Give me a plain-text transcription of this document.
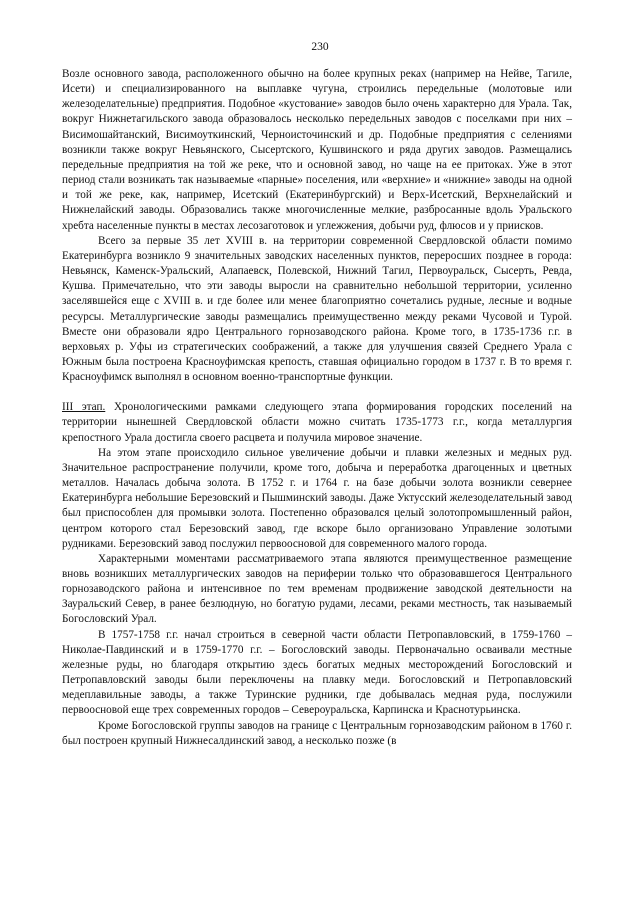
230

Возле основного завода, расположенного обычно на более крупных реках (например на Нейве, Тагиле, Исети) и специализированного на выплавке чугуна, строились передельные (молотовые или железоделательные) предприятия. Подобное «кустование» заводов было очень характерно для Урала. Так, вокруг Нижнетагильского завода образовалось несколько передельных заводов с поселками при них – Висимошайтанский, Висимоуткинский, Черноисточинский и др. Подобные предприятия с селениями возникли также вокруг Невьянского, Сысертского, Кушвинского и ряда других заводов. Размещались передельные предприятия на той же реке, что и основной завод, но чаще на ее притоках. Уже в этот период стали возникать так называемые «парные» поселения, или «верхние» и «нижние» заводы на одной и той же реке, как, например, Исетский (Екатеринбургский) и Верх-Исетский, Верхнелайский и Нижнелайский заводы. Образовались также многочисленные мелкие, разбросанные вдоль Уральского хребта населенные пункты в местах лесозаготовок и углежжения, добычи руд, флюсов и у приисков.

Всего за первые 35 лет XVIII в. на территории современной Свердловской области помимо Екатеринбурга возникло 9 значительных заводских населенных пунктов, переросших позднее в города: Невьянск, Каменск-Уральский, Алапаевск, Полевской, Нижний Тагил, Первоуральск, Сысерть, Ревда, Кушва. Примечательно, что эти заводы выросли на сравнительно небольшой территории, усиленно заселявшейся еще с XVIII в. и где более или менее благоприятно сочетались рудные, лесные и водные ресурсы. Металлургические заводы размещались преимущественно между реками Чусовой и Турой. Вместе они образовали ядро Центрального горнозаводского района. Кроме того, в 1735-1736 г.г. в верховьях р. Уфы из стратегических соображений, а также для улучшения связей Среднего Урала с Южным была построена Красноуфимская крепость, ставшая официально городом в 1737 г. В то время г. Красноуфимск выполнял в основном военно-транспортные функции.

III этап. Хронологическими рамками следующего этапа формирования городских поселений на территории нынешней Свердловской области можно считать 1735-1773 г.г., когда металлургия крепостного Урала достигла своего расцвета и получила мировое значение.

На этом этапе происходило сильное увеличение добычи и плавки железных и медных руд. Значительное распространение получили, кроме того, добыча и переработка драгоценных и цветных металлов. Началась добыча золота. В 1752 г. и 1764 г. на базе добычи золота возникли севернее Екатеринбурга небольшие Березовский и Пышминский заводы. Даже Уктусский железоделательный завод был приспособлен для промывки золота. Постепенно образовался целый золотопромышленный район, центром которого стал Березовский завод, где вскоре было организовано Управление золотыми рудниками. Березовский завод послужил первоосновой для современного малого города.

Характерными моментами рассматриваемого этапа являются преимущественное размещение вновь возникших металлургических заводов на периферии только что образовавшегося Центрального горнозаводского района и интенсивное по тем временам продвижение заводской деятельности на Зауральский Север, в ранее безлюдную, но богатую рудами, лесами, реками местность, так называемый Богословский Урал.

В 1757-1758 г.г. начал строиться в северной части области Петропавловский, в 1759-1760 – Николае-Павдинский и в 1759-1770 г.г. – Богословский заводы. Первоначально осваивали местные железные руды, но благодаря открытию здесь богатых медных месторождений Богословский и Петропавловский заводы были переключены на плавку меди. Богословский и Петропавловский медеплавильные заводы, а также Туринские рудники, где добывалась медная руда, послужили первоосновой еще трех современных городов – Североуральска, Карпинска и Краснотурьинска.

Кроме Богословской группы заводов на границе с Центральным горнозаводским районом в 1760 г. был построен крупный Нижнесалдинский завод, а несколько позже (в
